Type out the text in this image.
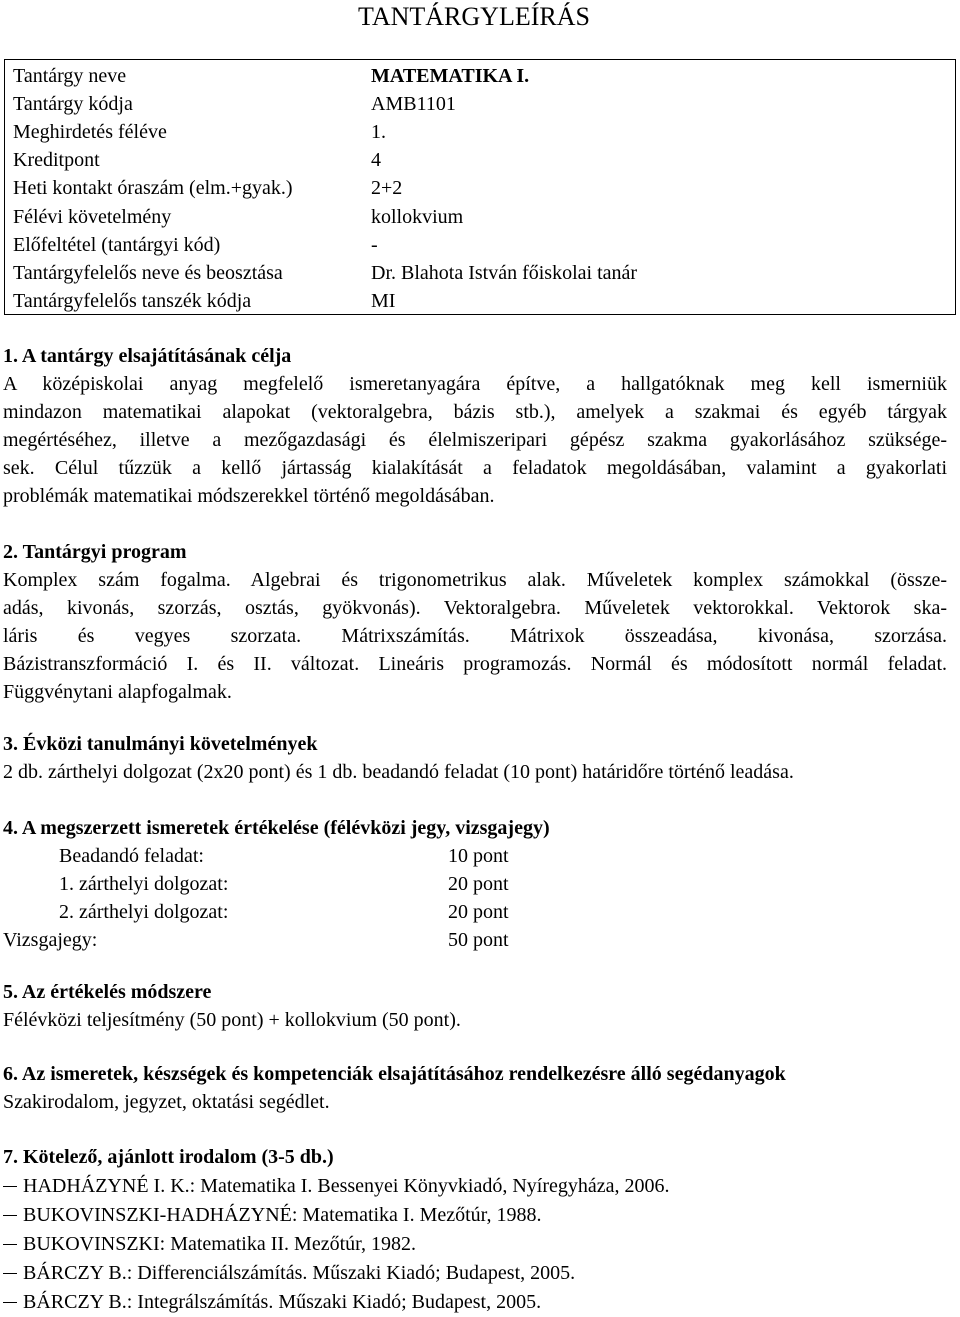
TANTÁRGYLEÍRÁS
Tantárgy neve	MATEMATIKA I.
Tantárgy kódja	AMB1101
Meghirdetés féléve	1.
Kreditpont	4
Heti kontakt óraszám (elm.+gyak.)	2+2
Félévi követelmény	kollokvium
Előfeltétel (tantárgyi kód)	-
Tantárgyfelelős neve és beosztása	Dr. Blahota István főiskolai tanár
Tantárgyfelelős tanszék kódja	MI
1. A tantárgy elsajátításának célja
A középiskolai anyag megfelelő ismeretanyagára építve, a hallgatóknak meg kell ismerniük
mindazon matematikai alapokat (vektoralgebra, bázis stb.), amelyek a szakmai és egyéb tárgyak
megértéséhez, illetve a mezőgazdasági és élelmiszeripari gépész szakma gyakorlásához szüksége-
sek. Célul tűzzük a kellő jártasság kialakítását a feladatok megoldásában, valamint a gyakorlati
problémák matematikai módszerekkel történő megoldásában.
2. Tantárgyi program
Komplex szám fogalma. Algebrai és trigonometrikus alak. Műveletek komplex számokkal (össze-
adás, kivonás, szorzás, osztás, gyökvonás). Vektoralgebra. Műveletek vektorokkal. Vektorok ska-
láris és vegyes szorzata. Mátrixszámítás. Mátrixok összeadása, kivonása, szorzása.
Bázistranszformáció I. és II. változat. Lineáris programozás. Normál és módosított normál feladat.
Függvénytani alapfogalmak.
3. Évközi tanulmányi követelmények
2 db. zárthelyi dolgozat (2x20 pont) és 1 db. beadandó feladat (10 pont) határidőre történő leadása.
4. A megszerzett ismeretek értékelése (félévközi jegy, vizsgajegy)
Beadandó feladat:	10 pont
1. zárthelyi dolgozat:	20 pont
2. zárthelyi dolgozat:	20 pont
Vizsgajegy:	50 pont
5. Az értékelés módszere
Félévközi teljesítmény (50 pont) + kollokvium (50 pont).
6. Az ismeretek, készségek és kompetenciák elsajátításához rendelkezésre álló segédanyagok
Szakirodalom, jegyzet, oktatási segédlet.
7. Kötelező, ajánlott irodalom (3-5 db.)
HADHÁZYNÉ I. K.: Matematika I. Bessenyei Könyvkiadó, Nyíregyháza, 2006.
BUKOVINSZKI-HADHÁZYNÉ: Matematika I. Mezőtúr, 1988.
BUKOVINSZKI: Matematika II. Mezőtúr, 1982.
BÁRCZY B.: Differenciálszámítás. Műszaki Kiadó; Budapest, 2005.
BÁRCZY B.: Integrálszámítás. Műszaki Kiadó; Budapest, 2005.
